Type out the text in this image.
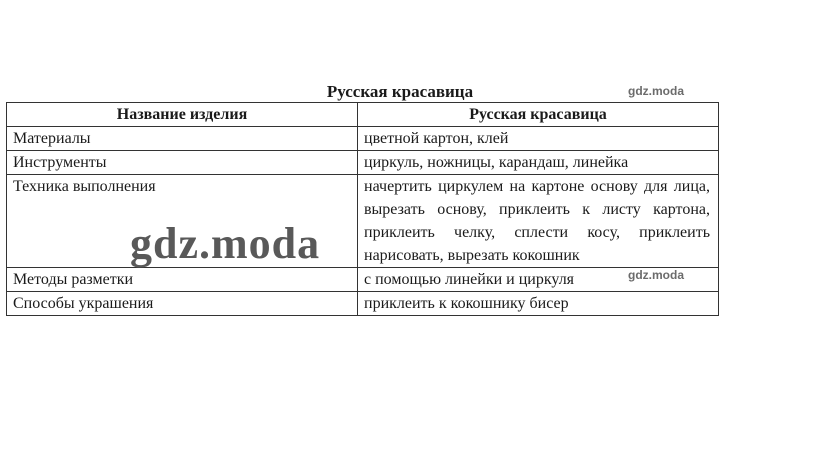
Русская красавица	gdz.moda
Название изделия	Русская красавица
Материалы	цветной картон, клей
Инструменты	циркуль, ножницы, карандаш, линейка
Техника выполнения	начертить циркулем на картоне основу для лица, вырезать основу, приклеить к листу картона, приклеить челку, сплести косу, приклеить нарисовать, вырезать кокошник
Методы разметки	с помощью линейки и циркуля
Способы украшения	приклеить к кокошнику бисер
gdz.moda
gdz.moda
